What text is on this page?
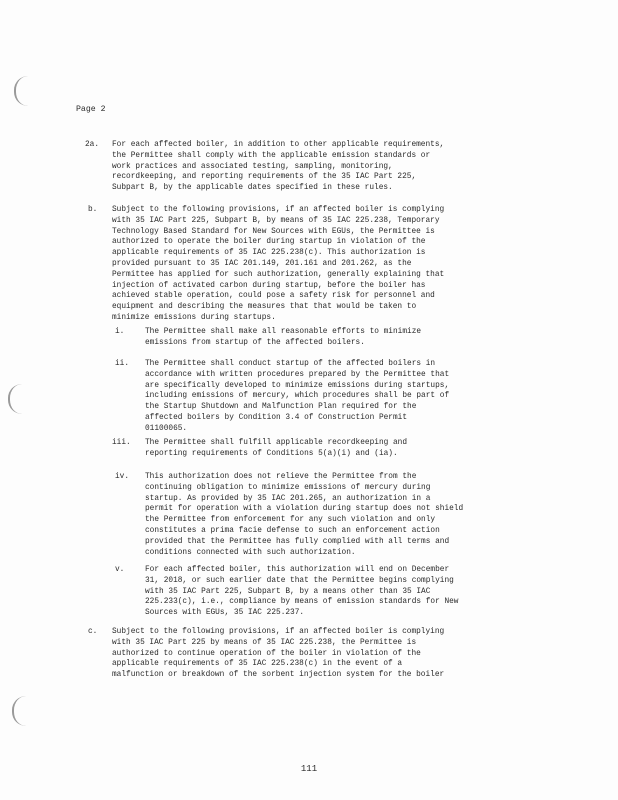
Page 2
2a. For each affected boiler, in addition to other applicable requirements,
the Permittee shall comply with the applicable emission standards or
work practices and associated testing, sampling, monitoring,
recordkeeping, and reporting requirements of the 35 IAC Part 225,
Subpart B, by the applicable dates specified in these rules.
b. Subject to the following provisions, if an affected boiler is complying
with 35 IAC Part 225, Subpart B, by means of 35 IAC 225.238, Temporary
Technology Based Standard for New Sources with EGUs, the Permittee is
authorized to operate the boiler during startup in violation of the
applicable requirements of 35 IAC 225.238(c). This authorization is
provided pursuant to 35 IAC 201.149, 201.161 and 201.262, as the
Permittee has applied for such authorization, generally explaining that
injection of activated carbon during startup, before the boiler has
achieved stable operation, could pose a safety risk for personnel and
equipment and describing the measures that that would be taken to
minimize emissions during startups.
i.	The Permittee shall make all reasonable efforts to minimize
emissions from startup of the affected boilers.
ii. The Permittee shall conduct startup of the affected boilers in
accordance with written procedures prepared by the Permittee that
are specifically developed to minimize emissions during startups,
including emissions of mercury, which procedures shall be part of
the Startup Shutdown and Malfunction Plan required for the
affected boilers by Condition 3.4 of Construction Permit
01100065.
iii. The Permittee shall fulfill applicable recordkeeping and
reporting requirements of Conditions 5(a)(i) and (ia).
iv. This authorization does not relieve the Permittee from the
continuing obligation to minimize emissions of mercury during
startup. As provided by 35 IAC 201.265, an authorization in a
permit for operation with a violation during startup does not shield
the Permittee from enforcement for any such violation and only
constitutes a prima facie defense to such an enforcement action
provided that the Permittee has fully complied with all terms and
conditions connected with such authorization.
v.	For each affected boiler, this authorization will end on December
31, 2018, or such earlier date that the Permittee begins complying
with 35 IAC Part 225, Subpart B, by a means other than 35 IAC
225.233(c), i.e., compliance by means of emission standards for New
Sources with EGUs, 35 IAC 225.237.
c. Subject to the following provisions, if an affected boiler is complying
with 35 IAC Part 225 by means of 35 IAC 225.238, the Permittee is
authorized to continue operation of the boiler in violation of the
applicable requirements of 35 IAC 225.238(c) in the event of a
malfunction or breakdown of the sorbent injection system for the boiler
111
